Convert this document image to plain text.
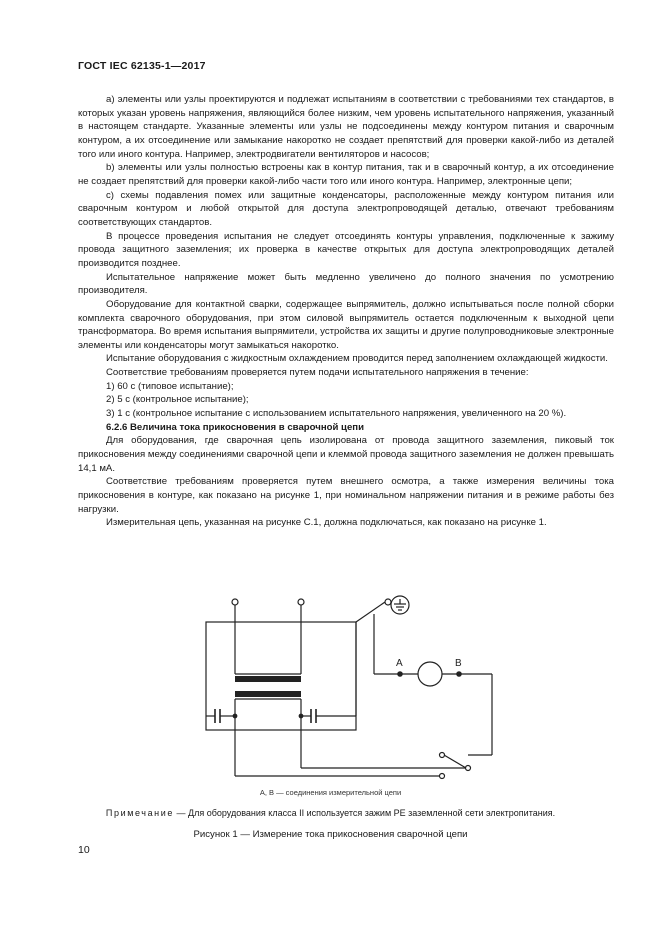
ГОСТ IEC 62135-1—2017

a) элементы или узлы проектируются и подлежат испытаниям в соответствии с требованиями тех стандартов, в которых указан уровень напряжения, являющийся более низким, чем уровень испытательного напряжения, указанный в настоящем стандарте. Указанные элементы или узлы не подсоединены между контуром питания и сварочным контуром, а их отсоединение или замыкание накоротко не создает препятствий для проверки какой-либо из деталей того или иного контура. Например, электродвигатели вентиляторов и насосов;

b) элементы или узлы полностью встроены как в контур питания, так и в сварочный контур, а их отсоединение не создает препятствий для проверки какой-либо части того или иного контура. Например, электронные цепи;

c) схемы подавления помех или защитные конденсаторы, расположенные между контуром питания или сварочным контуром и любой открытой для доступа электропроводящей деталью, отвечают требованиям соответствующих стандартов.

В процессе проведения испытания не следует отсоединять контуры управления, подключенные к зажиму провода защитного заземления; их проверка в качестве открытых для доступа электропроводящих деталей производится позднее.

Испытательное напряжение может быть медленно увеличено до полного значения по усмотрению производителя.

Оборудование для контактной сварки, содержащее выпрямитель, должно испытываться после полной сборки комплекта сварочного оборудования, при этом силовой выпрямитель остается подключенным к выходной цепи трансформатора. Во время испытания выпрямители, устройства их защиты и другие полупроводниковые электронные элементы или конденсаторы могут замыкаться накоротко.

Испытание оборудования с жидкостным охлаждением проводится перед заполнением охлаждающей жидкости.

Соответствие требованиям проверяется путем подачи испытательного напряжения в течение:

1) 60 с (типовое испытание);

2) 5 с (контрольное испытание);

3) 1 с (контрольное испытание с использованием испытательного напряжения, увеличенного на 20 %).

6.2.6 Величина тока прикосновения в сварочной цепи

Для оборудования, где сварочная цепь изолирована от провода защитного заземления, пиковый ток прикосновения между соединениями сварочной цепи и клеммой провода защитного заземления не должен превышать 14,1 мА.

Соответствие требованиям проверяется путем внешнего осмотра, а также измерения величины тока прикосновения в контуре, как показано на рисунке 1, при номинальном напряжении питания и в режиме работы без нагрузки.

Измерительная цепь, указанная на рисунке С.1, должна подключаться, как показано на рисунке 1.

A	B
A, B — соединения измерительной цепи
Примечание — Для оборудования класса II используется зажим РЕ заземленной сети электропитания.
Рисунок 1 — Измерение тока прикосновения сварочной цепи
10
